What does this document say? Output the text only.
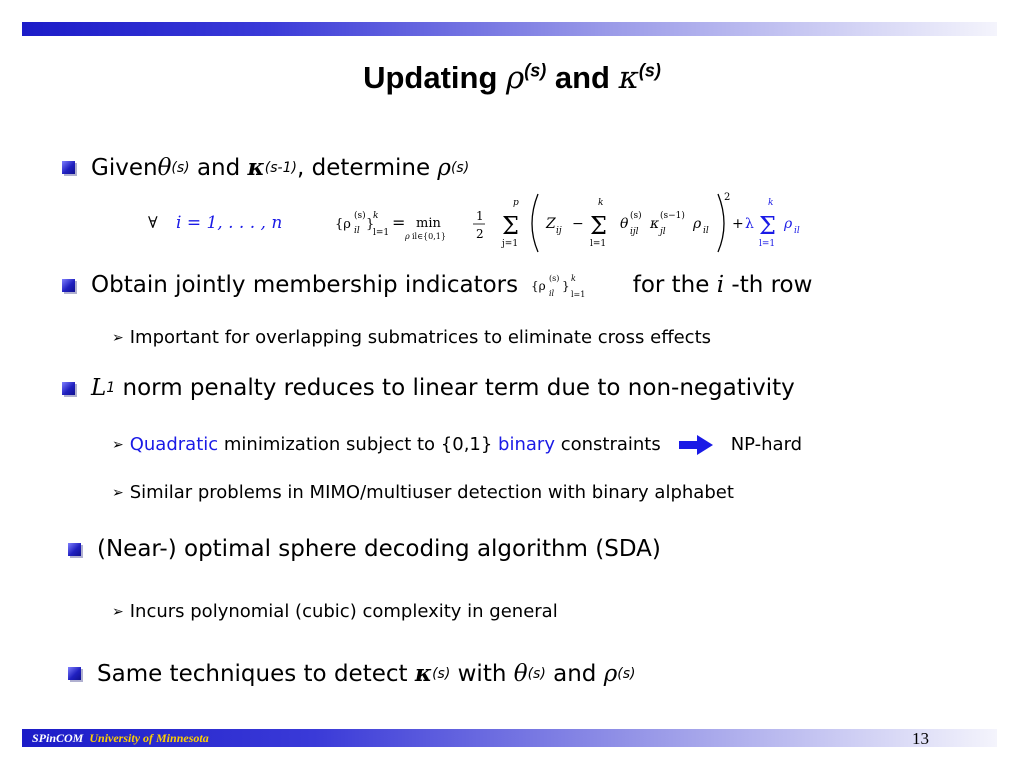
Updating $\rho^{(s)}$ and $\kappa^{(s)}$
Given θ (s) and κ (s-1) , determine ρ (s)
∀ i = 1, . . . , n	{ρ
(s)
il }
k
l=1
= min
ρ il∈{0,1}
1
2
p
Σ
j=1
Z ij −
k
Σ
l=1
θ (s)
ijl κ (s−1)
jl ρ il
2
+ λ
k
Σ
l=1
ρ il
Obtain jointly membership indicators {ρ
(s)
il
}
k
l=1 for the i -th row
➢ Important for overlapping submatrices to eliminate cross effects
L 1 norm penalty reduces to linear term due to non-negativity
➢ Quadratic minimization subject to {0,1} binary constraints	NP-hard
➢ Similar problems in MIMO/multiuser detection with binary alphabet
(Near-) optimal sphere decoding algorithm (SDA)
➢ Incurs polynomial (cubic) complexity in general
Same techniques to detect κ (s) with θ (s) and ρ (s)
SPinCOM University of Minnesota	13
